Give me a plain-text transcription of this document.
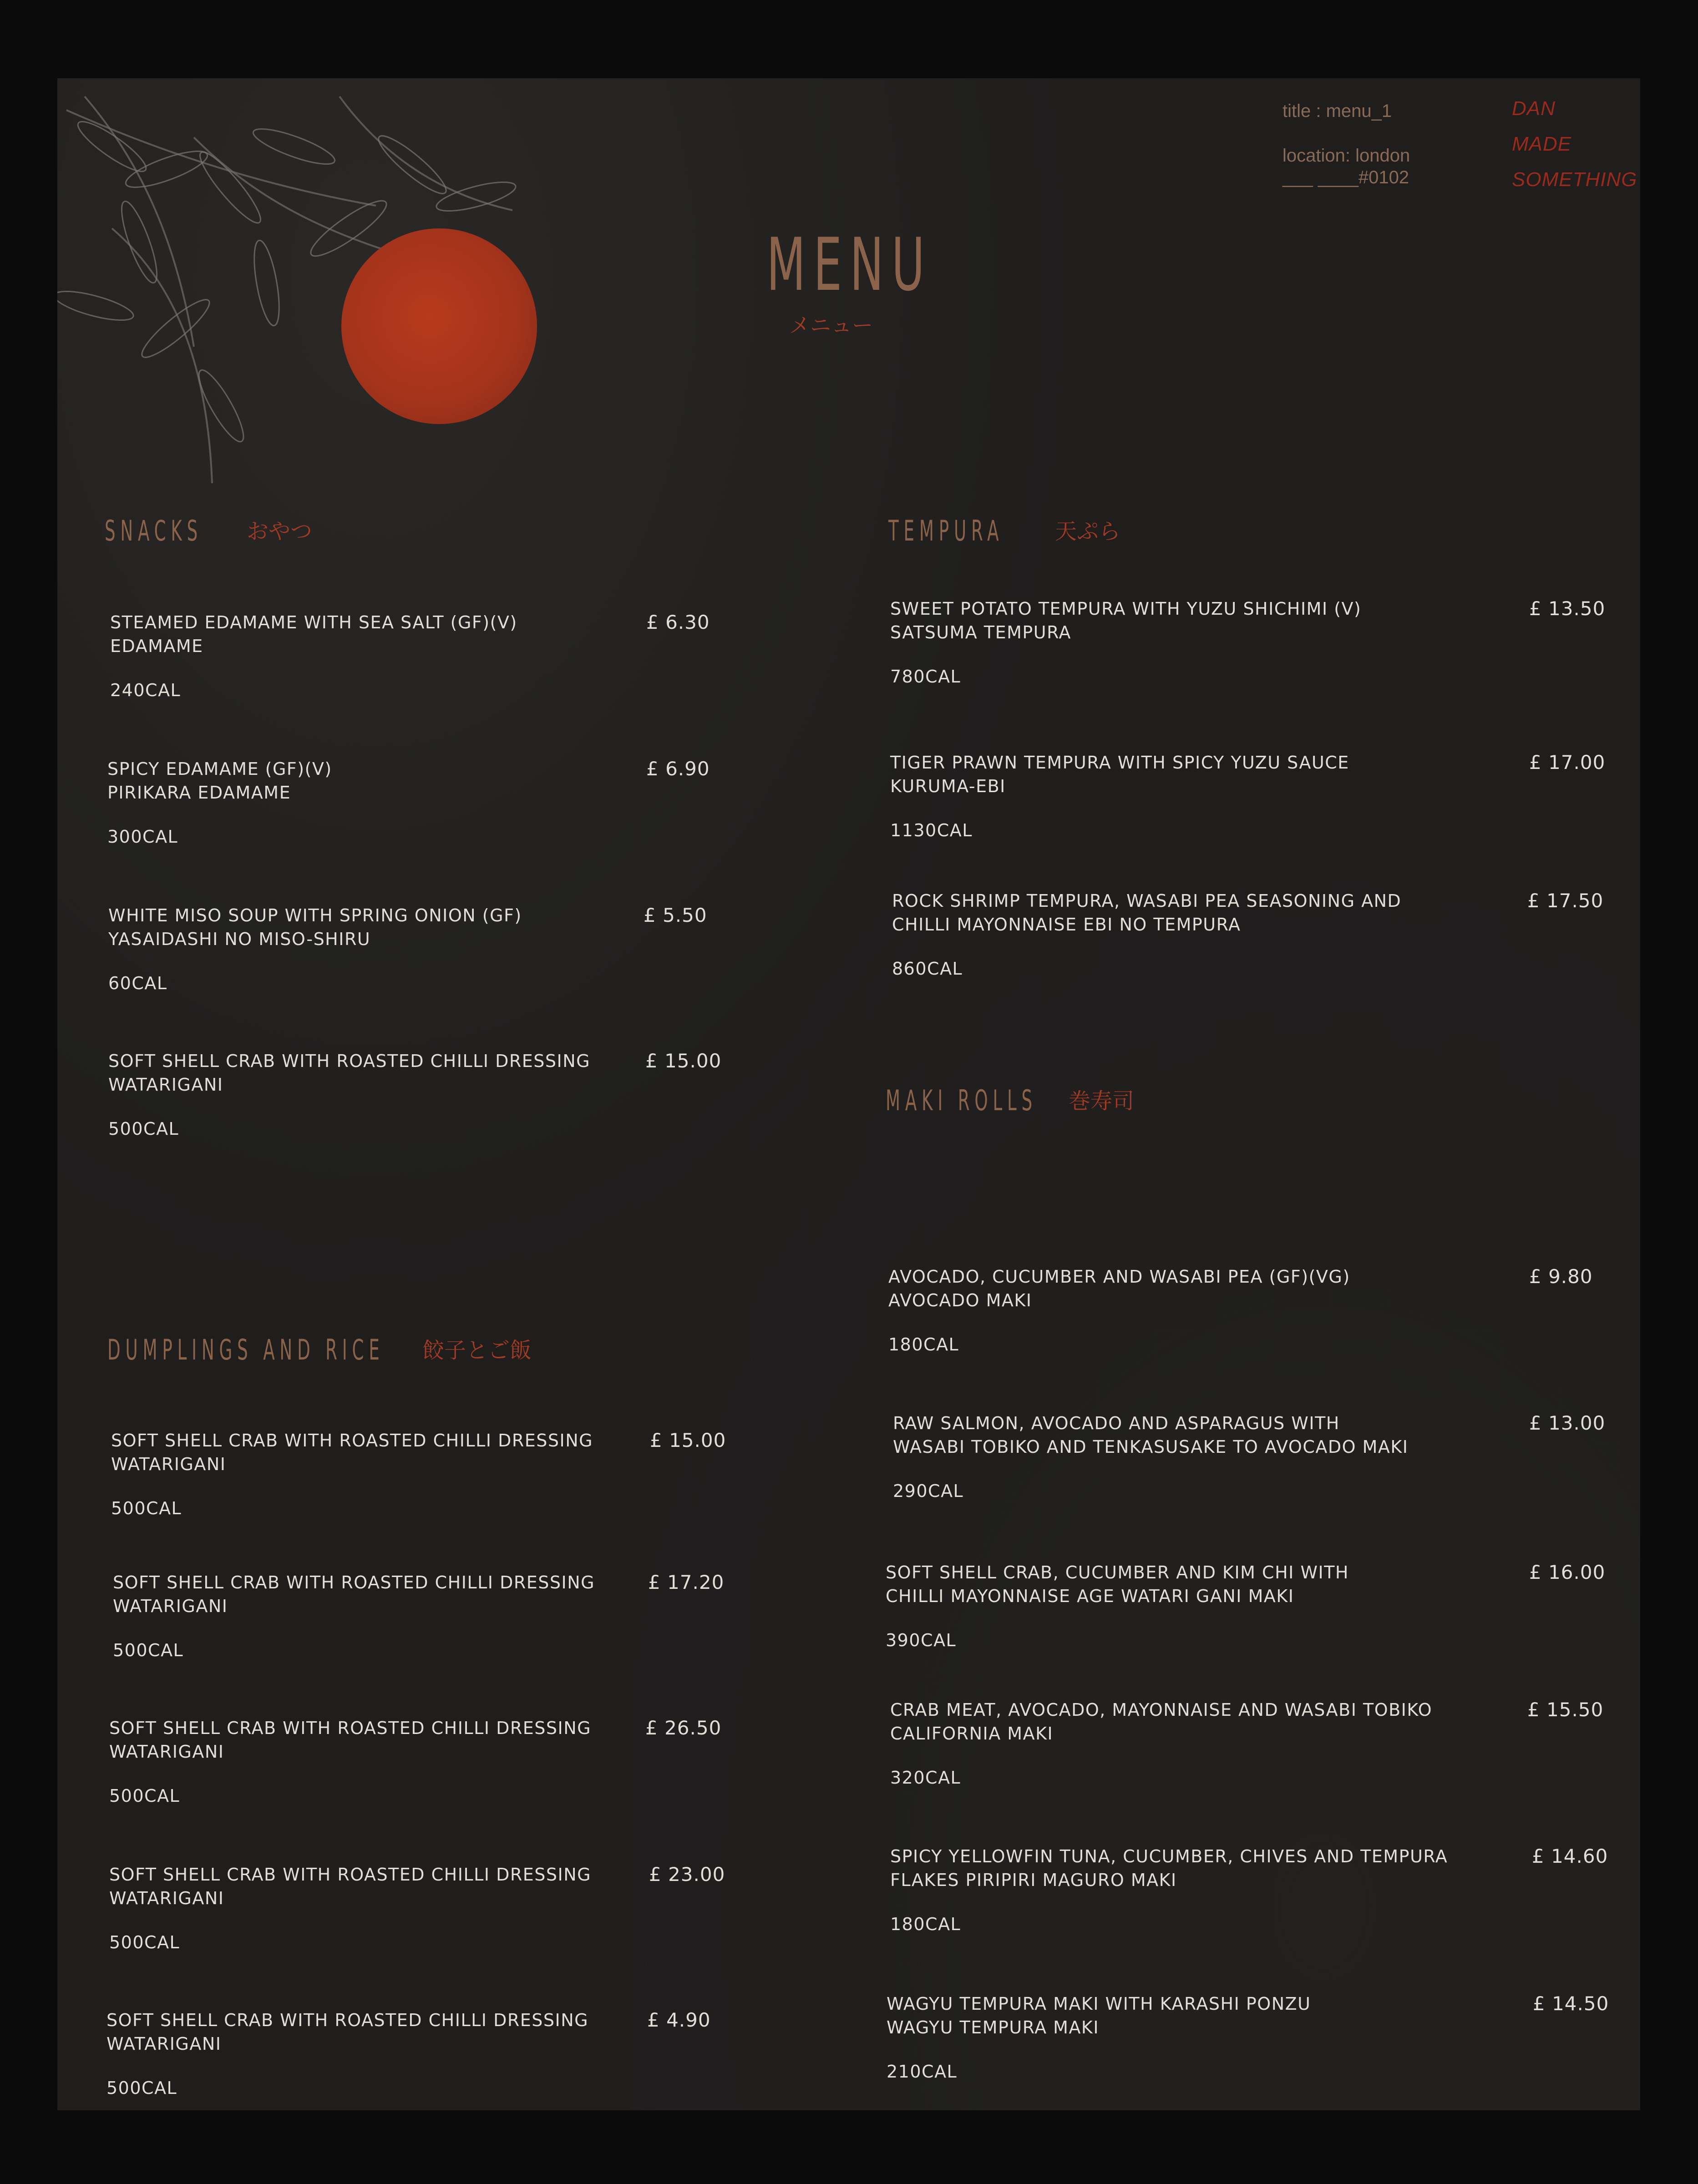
title : menu_1
location: london
___ ____#0102
DAN
MADE
SOMETHING
MENU
メニュー
SNACKS おやつ
STEAMED EDAMAME WITH SEA SALT (GF)(V)
EDAMAME
240CAL
£ 6.30
SPICY EDAMAME (GF)(V)
PIRIKARA EDAMAME
300CAL
£ 6.90
WHITE MISO SOUP WITH SPRING ONION (GF)
YASAIDASHI NO MISO-SHIRU
60CAL
£ 5.50
SOFT SHELL CRAB WITH ROASTED CHILLI DRESSING
WATARIGANI
500CAL
£ 15.00
DUMPLINGS AND RICE 餃子とご飯
SOFT SHELL CRAB WITH ROASTED CHILLI DRESSING
WATARIGANI
500CAL
£ 15.00
SOFT SHELL CRAB WITH ROASTED CHILLI DRESSING
WATARIGANI
500CAL
£ 17.20
SOFT SHELL CRAB WITH ROASTED CHILLI DRESSING
WATARIGANI
500CAL
£ 26.50
SOFT SHELL CRAB WITH ROASTED CHILLI DRESSING
WATARIGANI
500CAL
£ 23.00
SOFT SHELL CRAB WITH ROASTED CHILLI DRESSING
WATARIGANI
500CAL
£ 4.90
TEMPURA 天ぷら
SWEET POTATO TEMPURA WITH YUZU SHICHIMI (V)
SATSUMA TEMPURA
780CAL
£ 13.50
TIGER PRAWN TEMPURA WITH SPICY YUZU SAUCE
KURUMA-EBI
1130CAL
£ 17.00
ROCK SHRIMP TEMPURA, WASABI PEA SEASONING AND
CHILLI MAYONNAISE EBI NO TEMPURA
860CAL
£ 17.50
MAKI ROLLS 巻寿司
AVOCADO, CUCUMBER AND WASABI PEA (GF)(VG)
AVOCADO MAKI
180CAL
£ 9.80
RAW SALMON, AVOCADO AND ASPARAGUS WITH
WASABI TOBIKO AND TENKASUSAKE TO AVOCADO MAKI
290CAL
£ 13.00
SOFT SHELL CRAB, CUCUMBER AND KIM CHI WITH
CHILLI MAYONNAISE AGE WATARI GANI MAKI
390CAL
£ 16.00
CRAB MEAT, AVOCADO, MAYONNAISE AND WASABI TOBIKO
CALIFORNIA MAKI
320CAL
£ 15.50
SPICY YELLOWFIN TUNA, CUCUMBER, CHIVES AND TEMPURA
FLAKES PIRIPIRI MAGURO MAKI
180CAL
£ 14.60
WAGYU TEMPURA MAKI WITH KARASHI PONZU
WAGYU TEMPURA MAKI
210CAL
£ 14.50
